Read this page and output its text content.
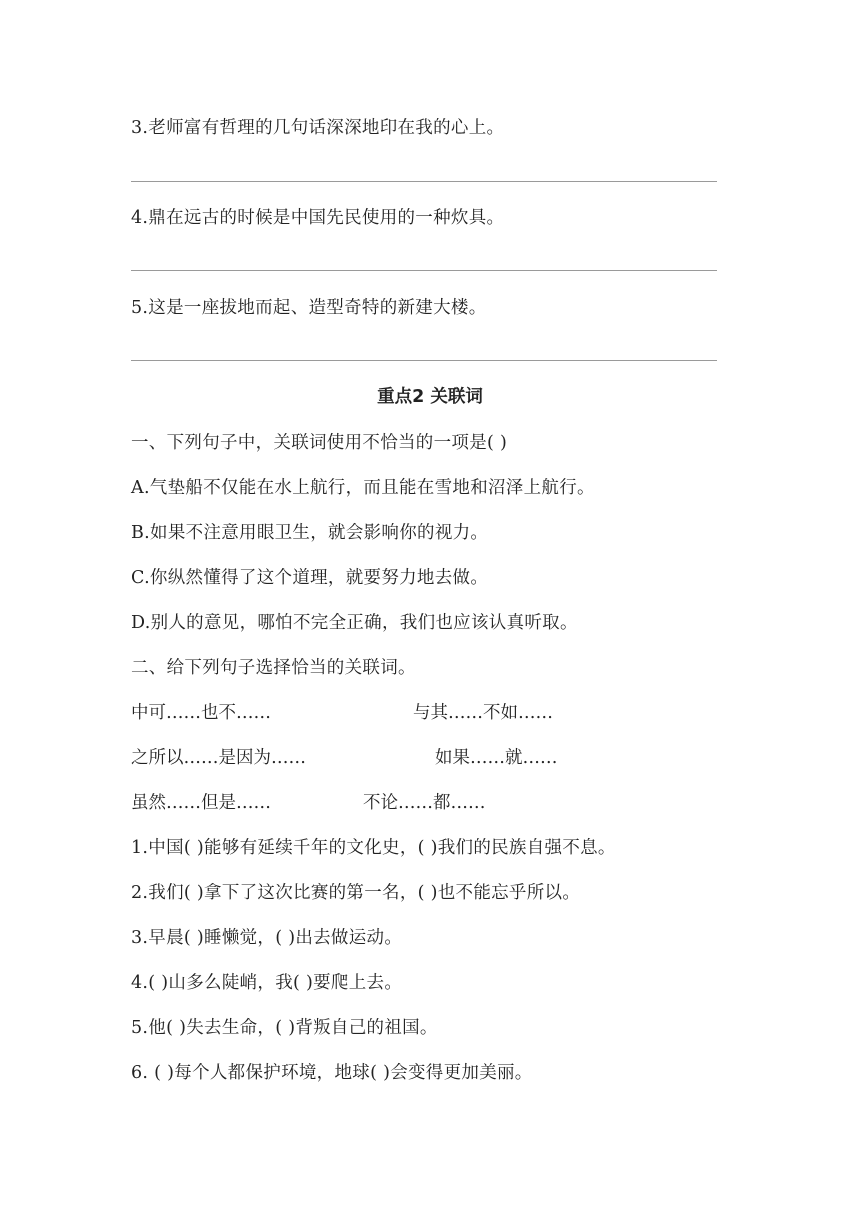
3.老师富有哲理的几句话深深地印在我的心上。
4.鼎在远古的时候是中国先民使用的一种炊具。
5.这是一座拔地而起、造型奇特的新建大楼。
重点2 关联词
一、下列句子中，关联词使用不恰当的一项是( )
A.气垫船不仅能在水上航行，而且能在雪地和沼泽上航行。
B.如果不注意用眼卫生，就会影响你的视力。
C.你纵然懂得了这个道理，就要努力地去做。
D.别人的意见，哪怕不完全正确，我们也应该认真听取。
二、给下列句子选择恰当的关联词。
中可……也不……	与其……不如……
之所以……是因为……	如果……就……
虽然……但是……	不论……都……
1.中国( )能够有延续千年的文化史，( )我们的民族自强不息。
2.我们( )拿下了这次比赛的第一名，( )也不能忘乎所以。
3.早晨( )睡懒觉，( )出去做运动。
4.( )山多么陡峭，我( )要爬上去。
5.他( )失去生命，( )背叛自己的祖国。
6. ( )每个人都保护环境，地球( )会变得更加美丽。
